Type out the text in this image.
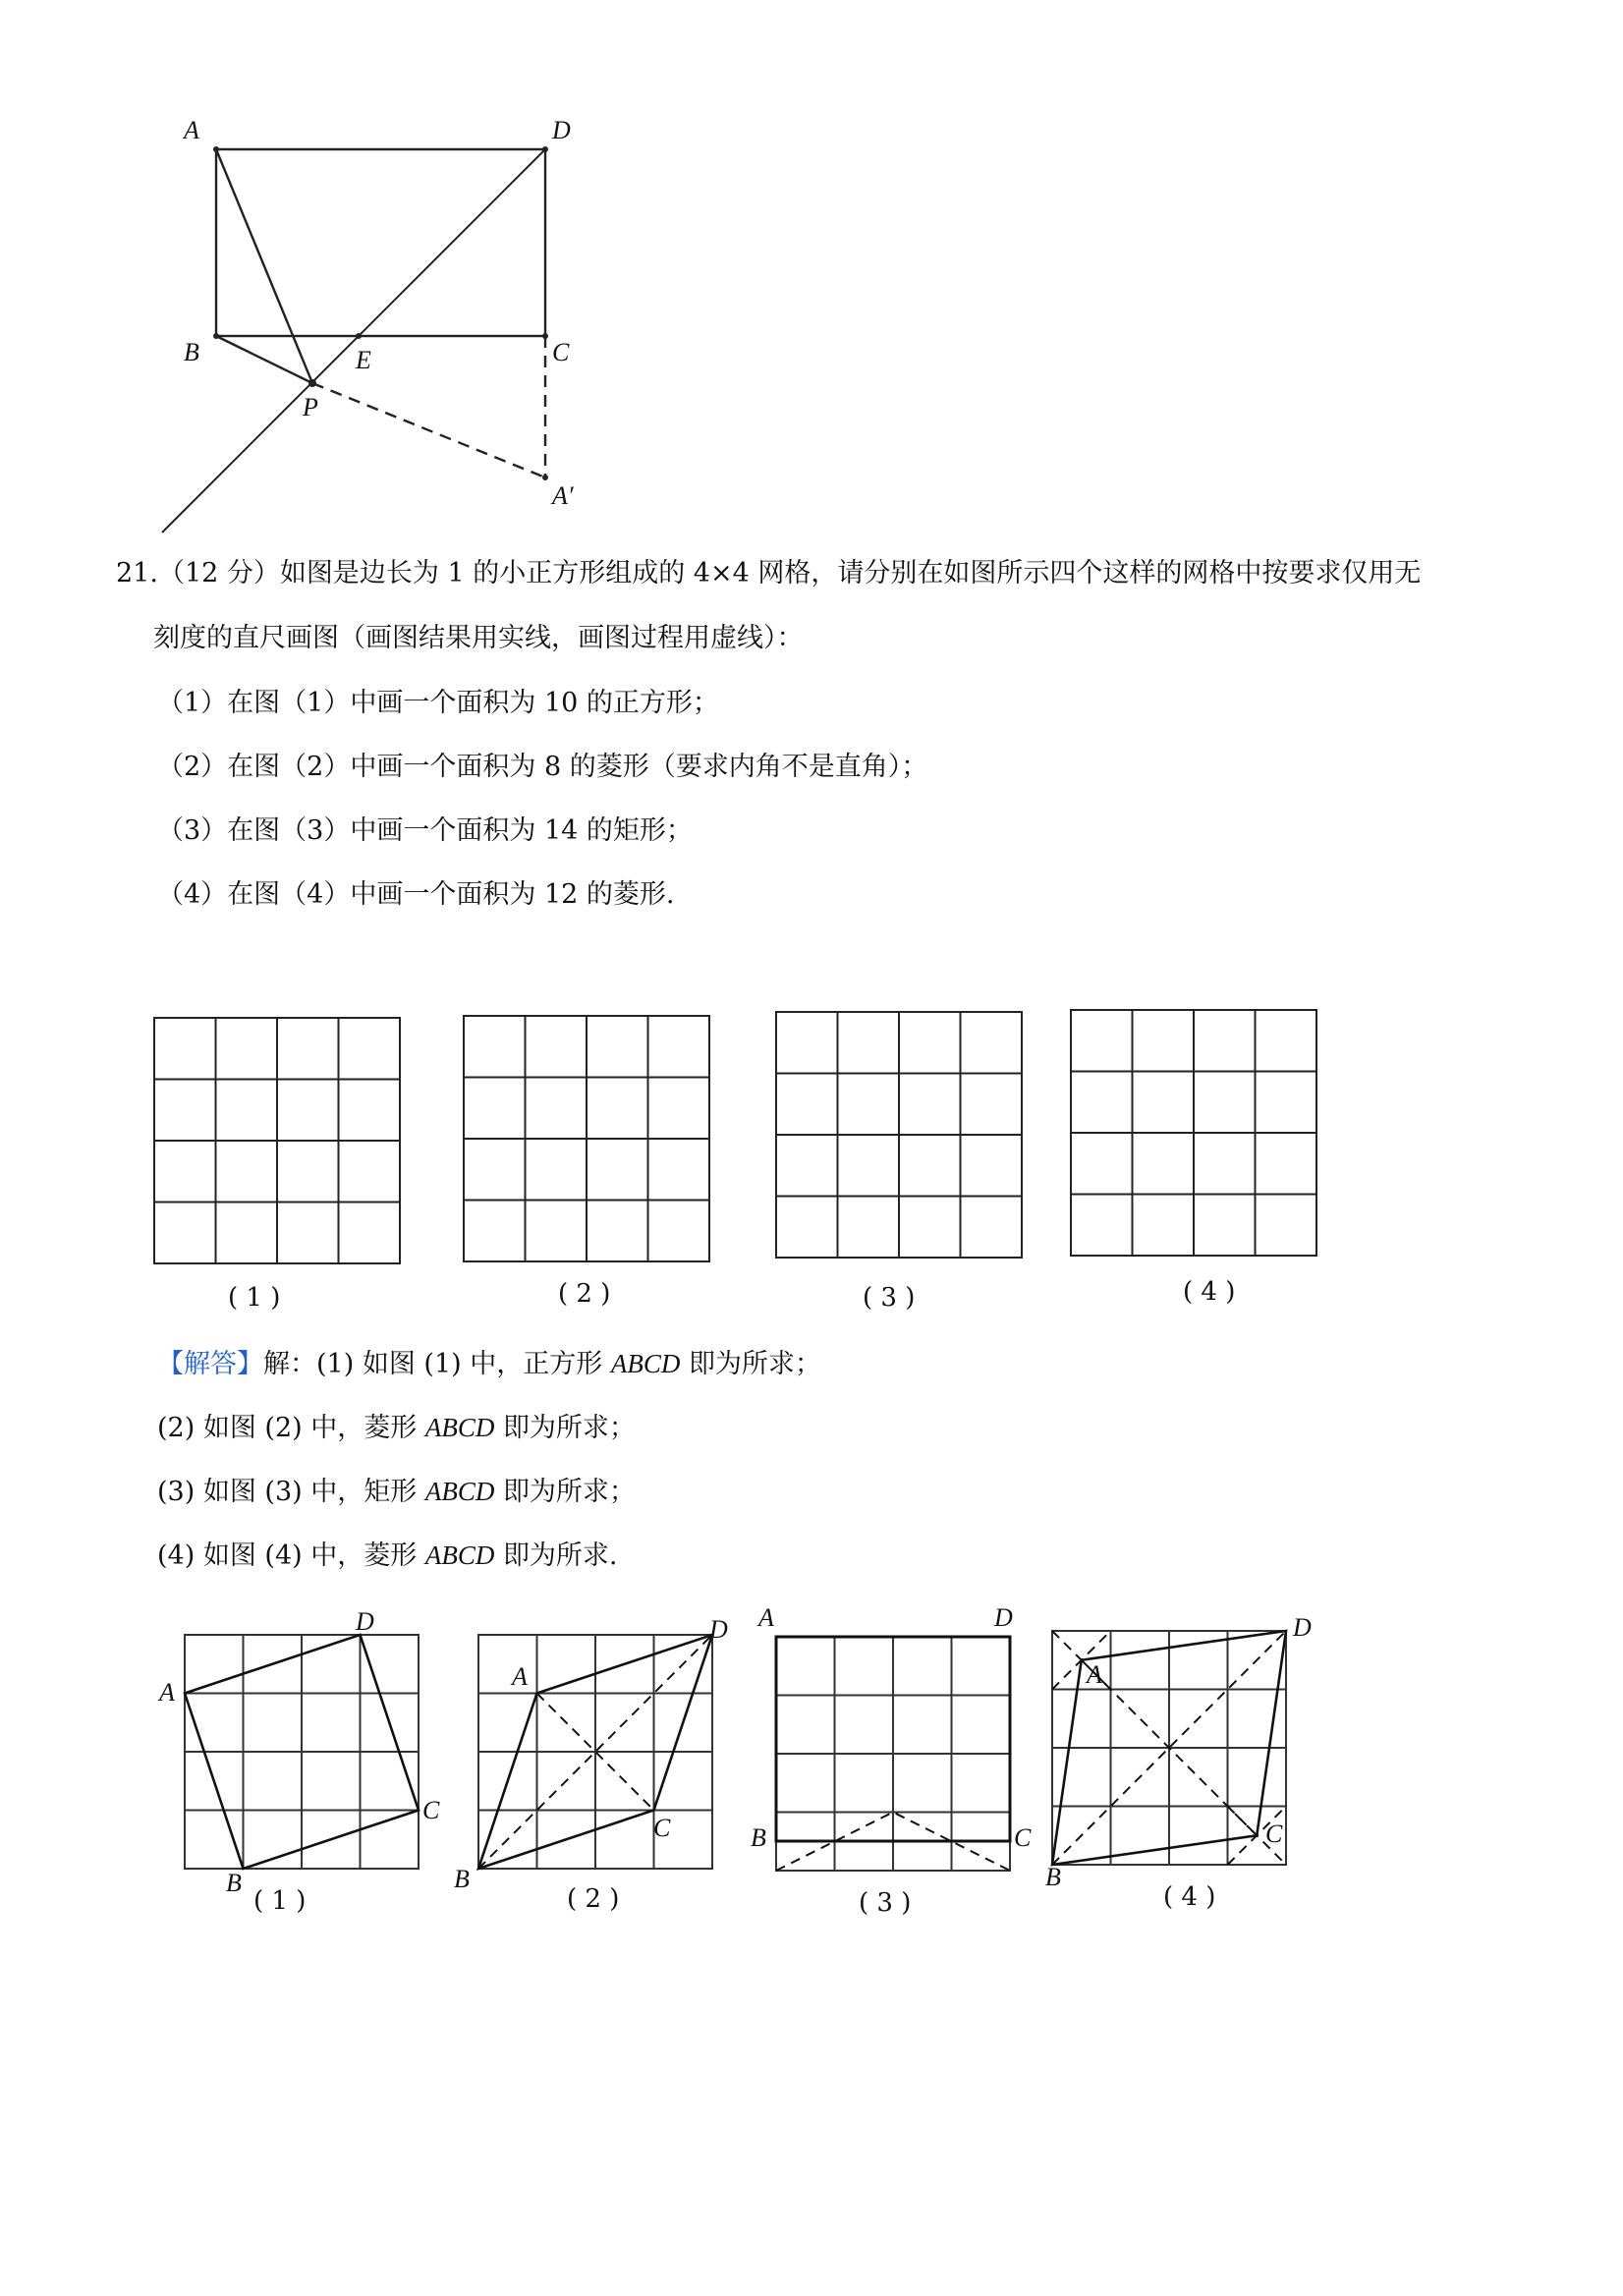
A	D
B	E	C
P
A′
21.（12 分）如图是边长为 1 的小正方形组成的 4×4 网格，请分别在如图所示四个这样的网格中按要求仅用无
刻度的直尺画图（画图结果用实线，画图过程用虚线）：
（1）在图（1）中画一个面积为 10 的正方形；
（2）在图（2）中画一个面积为 8 的菱形（要求内角不是直角）；
（3）在图（3）中画一个面积为 14 的矩形；
（4）在图（4）中画一个面积为 12 的菱形.
( 1 )	( 2 )	( 3 )	( 4 )
【解答】解：(1) 如图 (1) 中，正方形 ABCD 即为所求；
(2) 如图 (2) 中，菱形 ABCD 即为所求；
(3) 如图 (3) 中，矩形 ABCD 即为所求；
(4) 如图 (4) 中，菱形 ABCD 即为所求.
A
D
C
B
A
D
C
B
A	D
C
B
A
D
C
B
( 1 )	( 2 )	( 3 )	( 4 )
